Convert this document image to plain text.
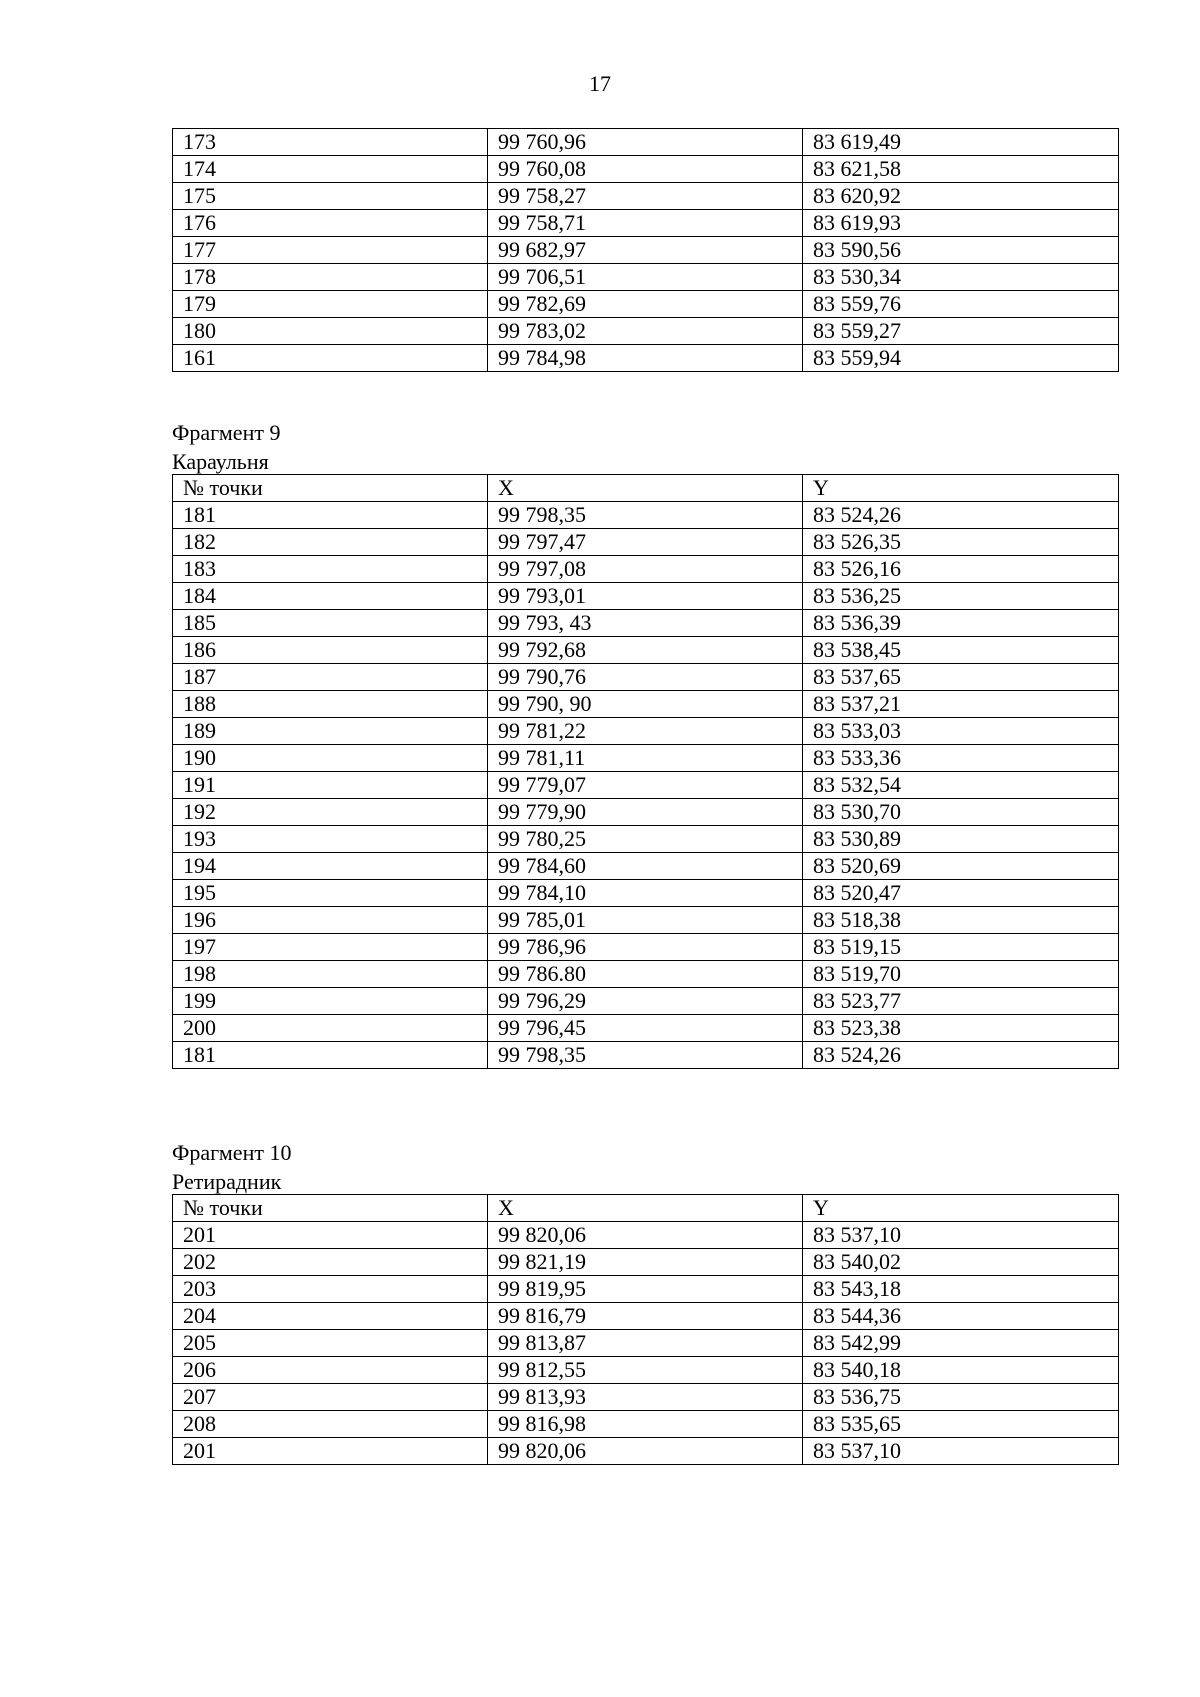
17
173	99 760,96	83 619,49
174	99 760,08	83 621,58
175	99 758,27	83 620,92
176	99 758,71	83 619,93
177	99 682,97	83 590,56
178	99 706,51	83 530,34
179	99 782,69	83 559,76
180	99 783,02	83 559,27
161	99 784,98	83 559,94
Фрагмент 9
Караульня
№ точки	X	Y
181	99 798,35	83 524,26
182	99 797,47	83 526,35
183	99 797,08	83 526,16
184	99 793,01	83 536,25
185	99 793, 43	83 536,39
186	99 792,68	83 538,45
187	99 790,76	83 537,65
188	99 790, 90	83 537,21
189	99 781,22	83 533,03
190	99 781,11	83 533,36
191	99 779,07	83 532,54
192	99 779,90	83 530,70
193	99 780,25	83 530,89
194	99 784,60	83 520,69
195	99 784,10	83 520,47
196	99 785,01	83 518,38
197	99 786,96	83 519,15
198	99 786.80	83 519,70
199	99 796,29	83 523,77
200	99 796,45	83 523,38
181	99 798,35	83 524,26
Фрагмент 10
Ретирадник
№ точки	X	Y
201	99 820,06	83 537,10
202	99 821,19	83 540,02
203	99 819,95	83 543,18
204	99 816,79	83 544,36
205	99 813,87	83 542,99
206	99 812,55	83 540,18
207	99 813,93	83 536,75
208	99 816,98	83 535,65
201	99 820,06	83 537,10
